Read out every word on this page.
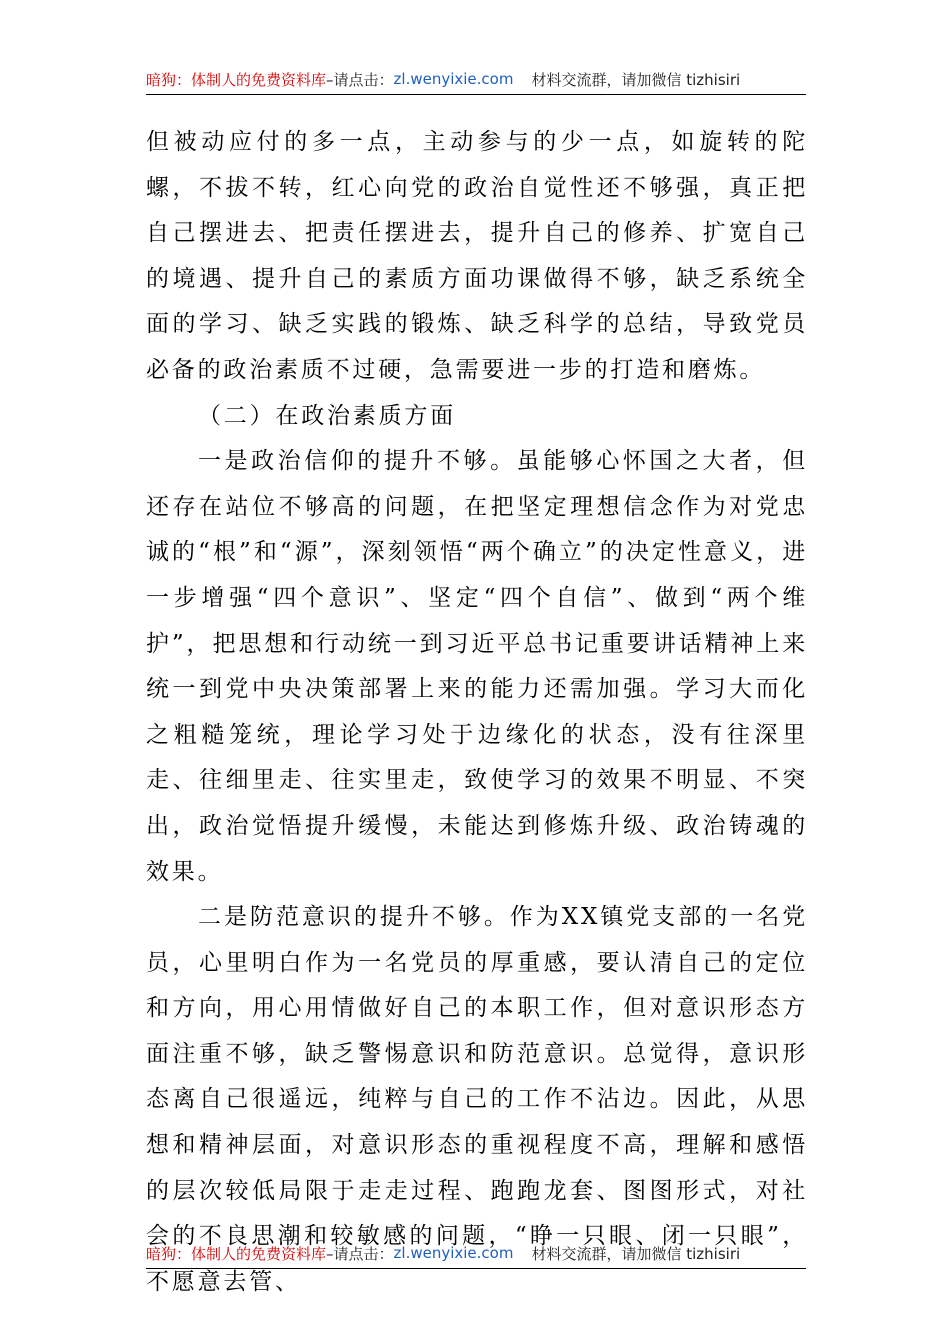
暗狗：体制人的免费资料库 –请点击： zl.wenyixie.com 材料交流群，请加微信 tizhisiri

但被动应付的多一点，主动参与的少一点，如旋转的陀螺，不拔不转，红心向党的政治自觉性还不够强，真正把自己摆进去、把责任摆进去，提升自己的修养、扩宽自己的境遇、提升自己的素质方面功课做得不够，缺乏系统全面的学习、缺乏实践的锻炼、缺乏科学的总结，导致党员必备的政治素质不过硬，急需要进一步的打造和磨炼。

（二）在政治素质方面

一是政治信仰的提升不够。虽能够心怀国之大者，但还存在站位不够高的问题，在把坚定理想信念作为对党忠诚的“根”和“源”，深刻领悟“两个确立”的决定性意义，进一步增强“四个意识”、坚定“四个自信”、做到“两个维护”，把思想和行动统一到习近平总书记重要讲话精神上来统一到党中央决策部署上来的能力还需加强。学习大而化之粗糙笼统，理论学习处于边缘化的状态，没有往深里走、往细里走、往实里走，致使学习的效果不明显、不突出，政治觉悟提升缓慢，未能达到修炼升级、政治铸魂的效果。

二是防范意识的提升不够。作为XX镇党支部的一名党员，心里明白作为一名党员的厚重感，要认清自己的定位和方向，用心用情做好自己的本职工作，但对意识形态方面注重不够，缺乏警惕意识和防范意识。总觉得，意识形态离自己很遥远，纯粹与自己的工作不沾边。因此，从思想和精神层面，对意识形态的重视程度不高，理解和感悟的层次较低局限于走走过程、跑跑龙套、图图形式，对社会的不良思潮和较敏感的问题，“睁一只眼、闭一只眼”，不愿意去管、

暗狗：体制人的免费资料库 –请点击： zl.wenyixie.com 材料交流群，请加微信 tizhisiri
